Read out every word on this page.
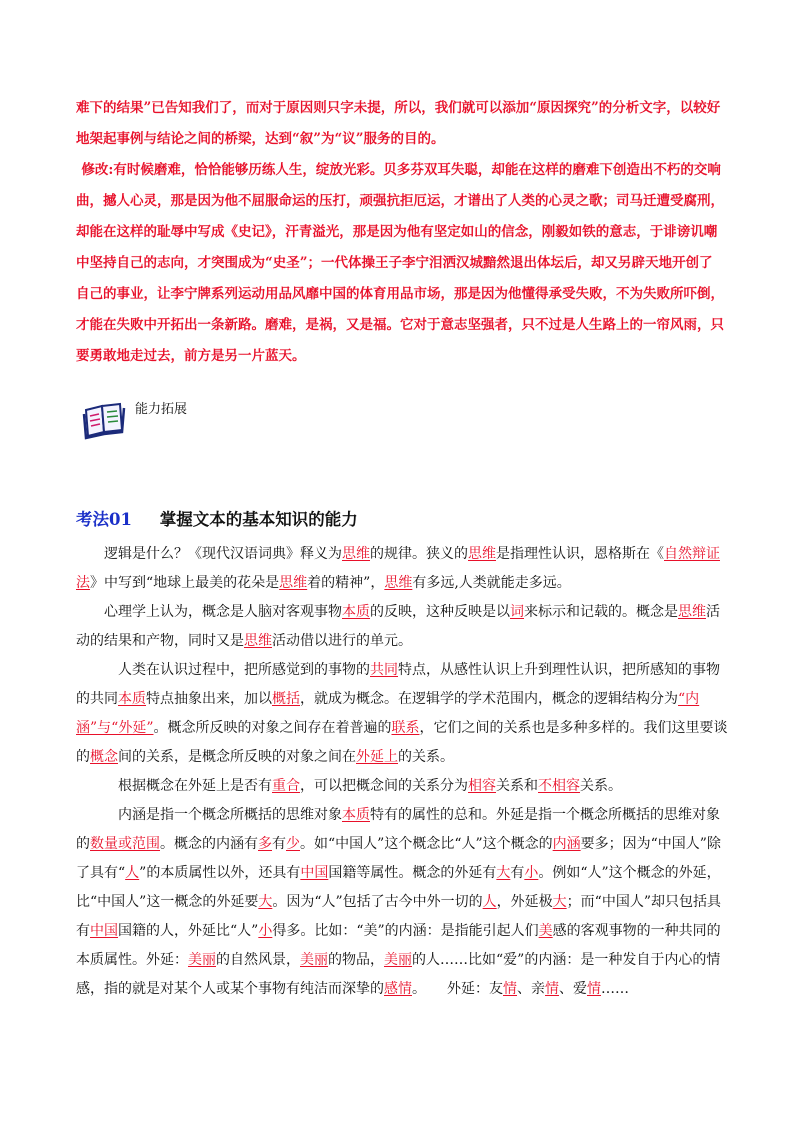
难下的结果”已告知我们了，而对于原因则只字未提，所以，我们就可以添加“原因探究”的分析文字，以较好地架起事例与结论之间的桥梁，达到“叙”为“议”服务的目的。

修改:有时候磨难，恰恰能够历练人生，绽放光彩。贝多芬双耳失聪，却能在这样的磨难下创造出不朽的交响曲，撼人心灵，那是因为他不屈服命运的压打，顽强抗拒厄运，才谱出了人类的心灵之歌；司马迁遭受腐刑，却能在这样的耻辱中写成《史记》，汗青溢光，那是因为他有坚定如山的信念，刚毅如铁的意志，于诽谤讥嘲中坚持自己的志向，才突围成为“史圣”；一代体操王子李宁泪洒汉城黯然退出体坛后，却又另辟天地开创了自己的事业，让李宁牌系列运动用品风靡中国的体育用品市场，那是因为他懂得承受失败，不为失败所吓倒，才能在失败中开拓出一条新路。磨难，是祸，又是福。它对于意志坚强者，只不过是人生路上的一帘风雨，只要勇敢地走过去，前方是另一片蓝天。

能力拓展
考法01 掌握文本的基本知识的能力

逻辑是什么？《现代汉语词典》释义为思维的规律。狭义的思维是指理性认识，恩格斯在《自然辩证法》中写到“地球上最美的花朵是思维着的精神”，思维有多远,人类就能走多远。

心理学上认为，概念是人脑对客观事物本质的反映，这种反映是以词来标示和记载的。概念是思维活动的结果和产物，同时又是思维活动借以进行的单元。

人类在认识过程中，把所感觉到的事物的共同特点，从感性认识上升到理性认识，把所感知的事物的共同本质特点抽象出来，加以概括，就成为概念。在逻辑学的学术范围内，概念的逻辑结构分为“内涵”与“外延”。概念所反映的对象之间存在着普遍的联系，它们之间的关系也是多种多样的。我们这里要谈的概念间的关系，是概念所反映的对象之间在外延上的关系。

根据概念在外延上是否有重合，可以把概念间的关系分为相容关系和不相容关系。

内涵是指一个概念所概括的思维对象本质特有的属性的总和。外延是指一个概念所概括的思维对象的数量或范围。概念的内涵有多有少。如“中国人”这个概念比“人”这个概念的内涵要多；因为“中国人”除了具有“人”的本质属性以外，还具有中国国籍等属性。概念的外延有大有小。例如“人”这个概念的外延，比“中国人”这一概念的外延要大。因为“人”包括了古今中外一切的人，外延极大；而“中国人”却只包括具有中国国籍的人，外延比“人”小得多。比如：“美”的内涵：是指能引起人们美感的客观事物的一种共同的本质属性。外延：美丽的自然风景，美丽的物品，美丽的人……比如“爱”的内涵：是一种发自于内心的情感，指的就是对某个人或某个事物有纯洁而深挚的感情。　　外延：友情、亲情、爱情……
